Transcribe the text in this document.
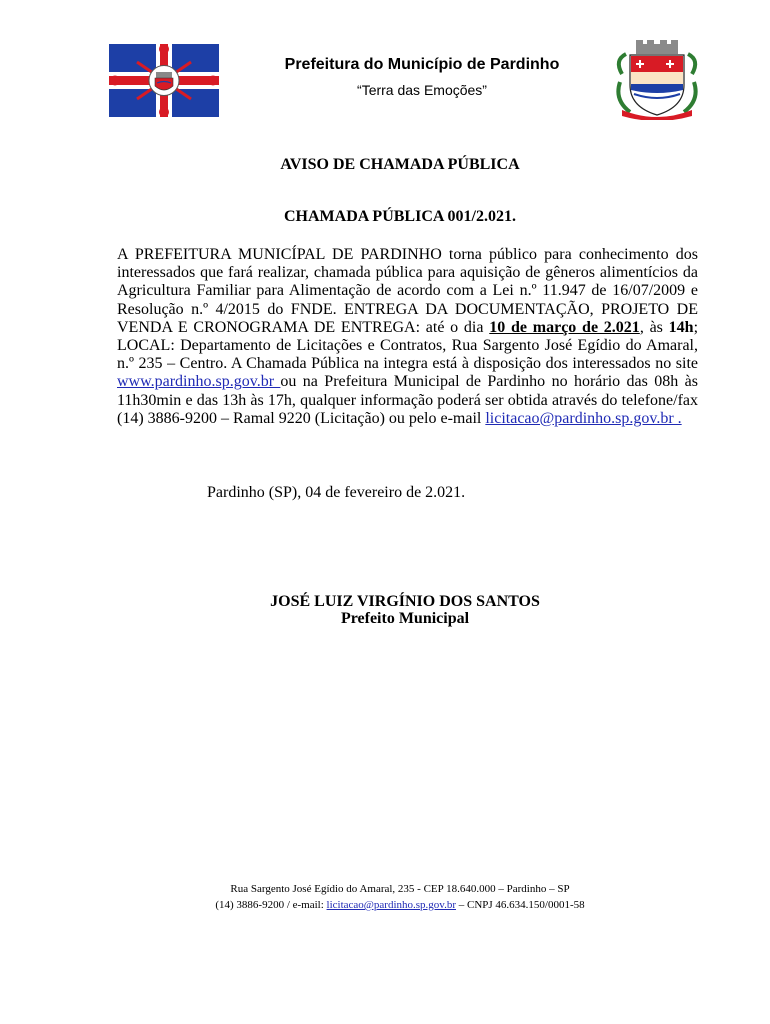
Prefeitura do Município de Pardinho
“Terra das Emoções”
AVISO DE CHAMADA PÚBLICA
CHAMADA PÚBLICA 001/2.021.
A PREFEITURA MUNICÍPAL DE PARDINHO torna público para conhecimento dos interessados que fará realizar, chamada pública para aquisição de gêneros alimentícios da Agricultura Familiar para Alimentação de acordo com a Lei n.º 11.947 de 16/07/2009 e Resolução n.º 4/2015 do FNDE. ENTREGA DA DOCUMENTAÇÃO, PROJETO DE VENDA E CRONOGRAMA DE ENTREGA: até o dia 10 de março de 2.021, às 14h; LOCAL: Departamento de Licitações e Contratos, Rua Sargento José Egídio do Amaral, n.º 235 – Centro. A Chamada Pública na integra está à disposição dos interessados no site www.pardinho.sp.gov.br ou na Prefeitura Municipal de Pardinho no horário das 08h às 11h30min e das 13h às 17h, qualquer informação poderá ser obtida através do telefone/fax (14) 3886-9200 – Ramal 9220 (Licitação) ou pelo e-mail licitacao@pardinho.sp.gov.br .
Pardinho (SP), 04 de fevereiro de 2.021.
JOSÉ LUIZ VIRGÍNIO DOS SANTOS
Prefeito Municipal
Rua Sargento José Egídio do Amaral, 235 - CEP 18.640.000 – Pardinho – SP
(14) 3886-9200 / e-mail: licitacao@pardinho.sp.gov.br – CNPJ 46.634.150/0001-58
